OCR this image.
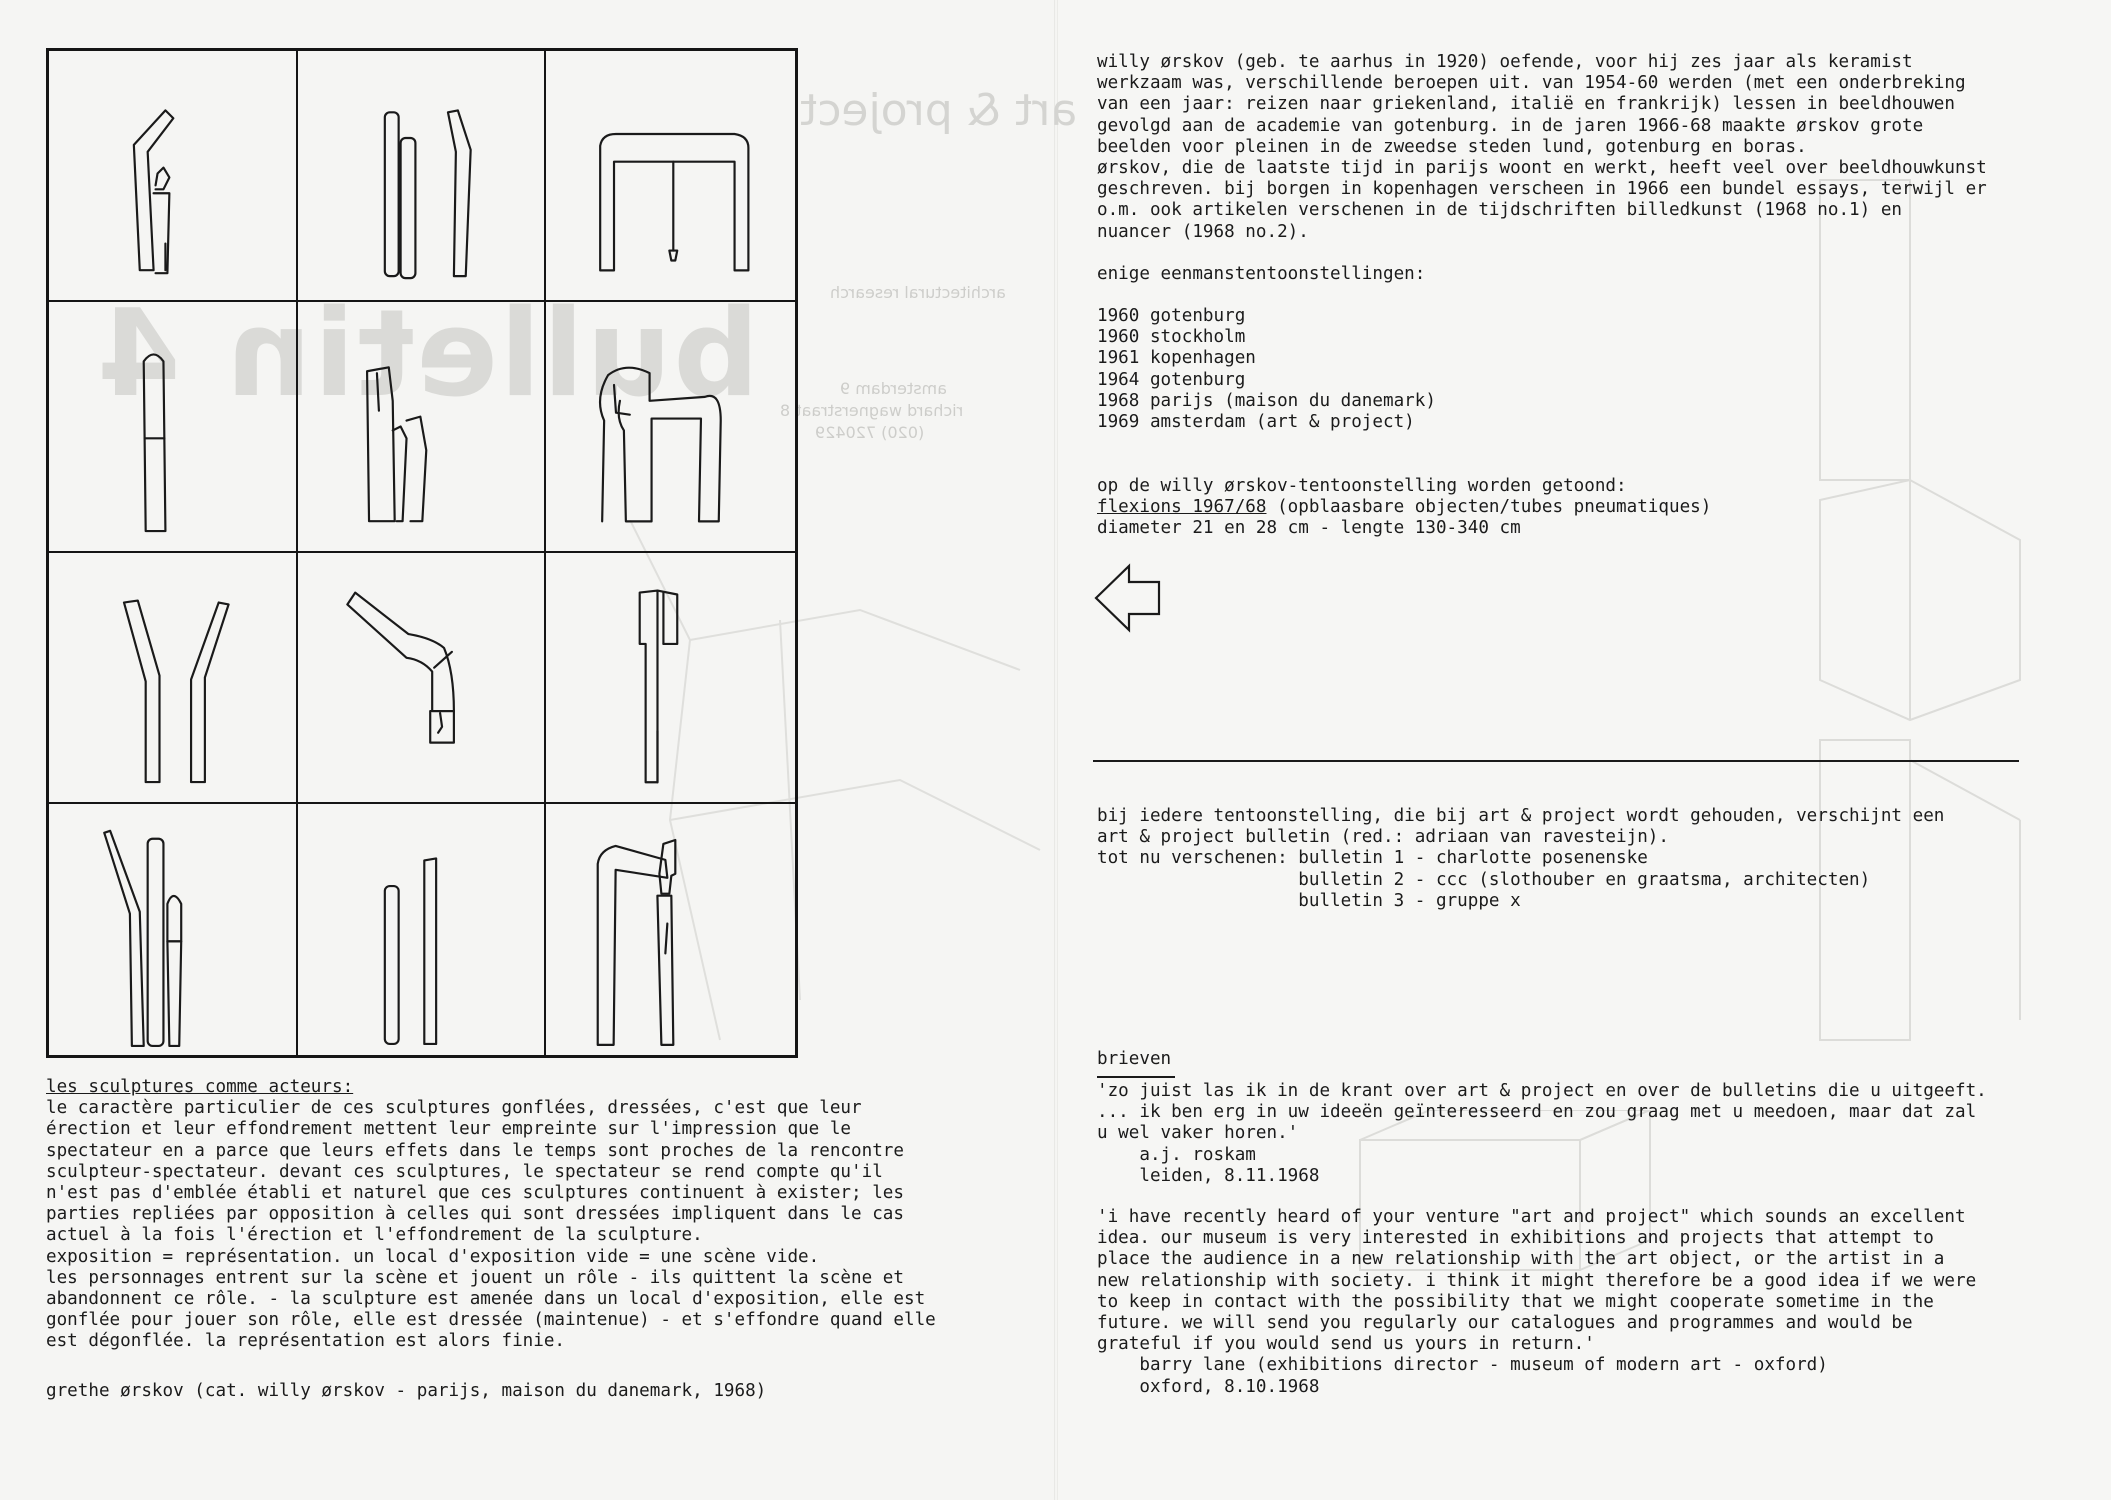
bulletin 4
art & project
architectural research
amsterdam 9
richard wagnerstraat 8
(020) 720429
les sculptures comme acteurs:
le caractère particulier de ces sculptures gonflées, dressées, c'est que leur
érection et leur effondrement mettent leur empreinte sur l'impression que le
spectateur en a parce que leurs effets dans le temps sont proches de la rencontre
sculpteur-spectateur. devant ces sculptures, le spectateur se rend compte qu'il
n'est pas d'emblée établi et naturel que ces sculptures continuent à exister; les
parties repliées par opposition à celles qui sont dressées impliquent dans le cas
actuel à la fois l'érection et l'effondrement de la sculpture.
exposition = représentation. un local d'exposition vide = une scène vide.
les personnages entrent sur la scène et jouent un rôle - ils quittent la scène et
abandonnent ce rôle. - la sculpture est amenée dans un local d'exposition, elle est
gonflée pour jouer son rôle, elle est dressée (maintenue) - et s'effondre quand elle
est dégonflée. la représentation est alors finie.
grethe ørskov (cat. willy ørskov - parijs, maison du danemark, 1968)
willy ørskov (geb. te aarhus in 1920) oefende, voor hij zes jaar als keramist
werkzaam was, verschillende beroepen uit. van 1954-60 werden (met een onderbreking
van een jaar: reizen naar griekenland, italië en frankrijk) lessen in beeldhouwen
gevolgd aan de academie van gotenburg. in de jaren 1966-68 maakte ørskov grote
beelden voor pleinen in de zweedse steden lund, gotenburg en boras.
ørskov, die de laatste tijd in parijs woont en werkt, heeft veel over beeldhouwkunst
geschreven. bij borgen in kopenhagen verscheen in 1966 een bundel essays, terwijl er
o.m. ook artikelen verschenen in de tijdschriften billedkunst (1968 no.1) en
nuancer (1968 no.2).
enige eenmanstentoonstellingen:
1960 gotenburg
1960 stockholm
1961 kopenhagen
1964 gotenburg
1968 parijs (maison du danemark)
1969 amsterdam (art & project)
op de willy ørskov-tentoonstelling worden getoond:
flexions 1967/68 (opblaasbare objecten/tubes pneumatiques)
diameter 21 en 28 cm - lengte 130-340 cm
bij iedere tentoonstelling, die bij art & project wordt gehouden, verschijnt een
art & project bulletin (red.: adriaan van ravesteijn).
tot nu verschenen: bulletin 1 - charlotte posenenske
bulletin 2 - ccc (slothouber en graatsma, architecten)
bulletin 3 - gruppe x
brieven
'zo juist las ik in de krant over art & project en over de bulletins die u uitgeeft.
... ik ben erg in uw ideeën geïnteresseerd en zou graag met u meedoen, maar dat zal
u wel vaker horen.'
a.j. roskam
leiden, 8.11.1968
'i have recently heard of your venture "art and project" which sounds an excellent
idea. our museum is very interested in exhibitions and projects that attempt to
place the audience in a new relationship with the art object, or the artist in a
new relationship with society. i think it might therefore be a good idea if we were
to keep in contact with the possibility that we might cooperate sometime in the
future. we will send you regularly our catalogues and programmes and would be
grateful if you would send us yours in return.'
barry lane (exhibitions director - museum of modern art - oxford)
oxford, 8.10.1968
